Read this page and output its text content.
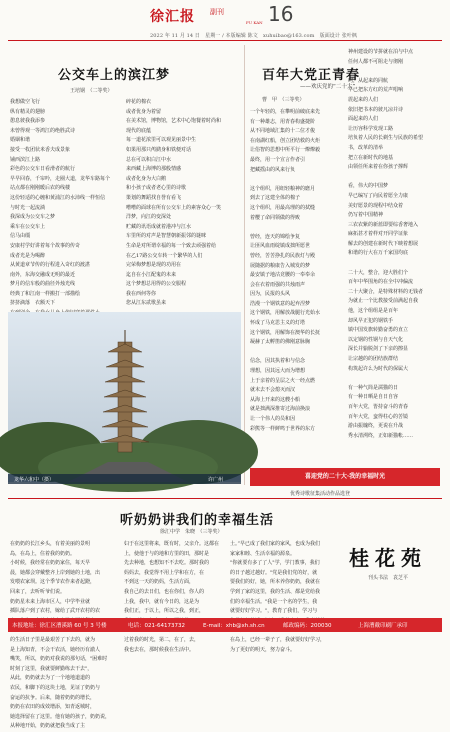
徐汇报 副刊
FU KAN 16
2022 年 11 月 14 日　星期一 / 本版编辑 陈文　xuhuibao@163.com　版面设计 张叶枫
公交车上的滨江梦
王培钢　（二等奖）
我想做空飞行
纵有精灵的翅膀
憩息彼我我添参
未曾得观一等鸿江的绝胜武诗
婚姻和谐
接受一枚团状米香夫成景象
铺西滨江上路
彩色的公交车日看滑者的航行
早早回春，千帘吟，走圈大道，龙华车路每个
站点都在刚刚暖后农的线楼
这份轻适的心缠和黄浦江的水沛线一样恒信
与时光一起流淌
我深成为公交车之梦
乘车在公交车上
信马由缰
安康村学好讲着每个故事的传奇
成者光是为喝醉
从黄道章节传的行程进入奇红的渡湛
南外，东海交融成无明的最近
梦月的信车般的曲径外烛光线
经典了和江南一样搬打一部描绘
挤挤滴落　衣额天下

碎花的棉衣
或者优身为着留
在美术馆，博物馆，艺术中心饱餐着时尚和
现代的底蕴
每一道花浓里可以观见丽景中生
如果用那只鸬鹚身和铁便对话
总在可以积白江中水
来西藏上海博的那般情感
或者化身为大白鹅
和小孩子或者老心里的诗歌
策划的舞蹈找自誉有看飞
嘈嘈的面球在所有公交车上的素客众心一笑
洋梦，向江的变深处
贮藏的讯语成就着港冲与江水
车里所的对声是智慧朝新振邻的谜咪
生命是对所谓幸福的每一个致去顽强着给
在乙17路公交车转一个繁华的人们
完荣梅梦想是现的功用在
迄自在小江配鬼的未来
这个梦想总用得的公交服程
我在西何等你
您从江东贰歌虽来
龙华六和中（摄）	许广州
百年大党正青春
——欢庆党的“二十大”
曹　甲　（三等奖）
一个年轻的，在攀明前破底来先
有一种雄志，用青春构盛捷阶
从不同地域汇集的十二位才俊
在南湖红船，创立团结救的火炬
让俗智的思想中所平行一燎燎毅
最终，用一个宣言作者引
把藏摇由的风来行负

这个组织，用纽轻粮神的磨月
到去了这建全体的棉子
这个组织，用最高理的的拭缝
着樱了命同领做的得败

曾经，连天的锦绘争复
让匪风血雨绽镇成拙所愿世
曾经，苦苦挣扎的民族灯与殿
展随据的粮康告入城发的梦
最安镇子地沽竞腰的一奉奉余
会在衣着雨强的共烛雨声
因为，民报的头风
浩漫一个钢铁意的起弃涅梦
这个钢铁，用解放战腿行光始水
怀成了马克思主义的灯塔
这个钢铁，用解饰在澳华的长抚
凝赫了太孵笛的佛刚意脉胸

信念，因其执着和与信念
理想，因其远大而为增想
上于亲着的呈层之火一经点燃
就末去不会熄灭而汉
从海上开来的这艘小船
就是拙满深推寄过海前换浪
让一个伟人的员和因
彩熊等一样鲜鸣于世界的东方
神州建设的节拼就在泊与中点
任何人都不可阻走与彻刚

呵，从起来的同航
早已把东方红的荒声唱响
震起来的人们
依旧把书本的彼凡凉并诗
面起来的人们
让历容科学发现工路
培负着人民的长剃生与民族的希望
书，改革的清举
把立在新时代的地基
由领任所来着在你孩子撑辉

看，伟大的中国梦
早已编写了向民着愿全力康
美好愿景的现程中结众着
仍写着中国精神
三农农紫的新蓝即要综香奢地入
麻拓甚才着样对开同学证象
解去的创建在新时代下映着想展
和谐的行大在万千家国均底

二十大，整合，迎大胜们个
百年中华围角的在全中冲偏流
二十大聚合，是特殊材料的无钱者
为就止一个比教接受前满起自我
他，这个组组是是百年
却风早正犯的钢铁手
镇中国发旗转勤奋勇的直立
以定钢的性钢与自天气化
深长并愉脱剑了下亲的擦显
让宗越的的团结族群结
构筑起许么为时代的保属大

有一种气简是濡猫的日
有一种日晒是自日自容
百年大党，皆持奋斗的青春
百年大党，蛮得柱心的苦镜
游由振魄终，更说在升战
秀水清洌终，正如新猫帐……
喜迎党的二十大·我的幸福时光
优秀诗歌征集活动作品选登
听奶奶讲我们的幸福生活
徐汇中学　朱晓　（三等奖）
在奶奶的长江乡头，有着美丽的景明
岛，在岛上，住着我的奶奶。
小时候，我经常在奶奶家住，每天早
晨，她都会穿戴整齐上岸到她的土地，出
发喂农家坝。这个季节农作来者起蹬，
回来了，去听听爷们说。
奶奶星未来上海市区人，中学毕业就
插队落户到了农村，嫁给了武开农村的农

的生活日子里是最艰苦了下去的，就为
是上海知青，不会干农活，她经历有澈人
嘴笑，所以，奶奶对我说的那句话，"困难时
时刻了这里，我就要鲜勤练去干去"，
从此，奶奶就去为了一个地地道道的
农民，和脚下的这块土地，见证了奶奶与
奋运的抗争。后来，随着奶奶的增长，
奶奶在农田的成效增添，知青返城时，
她选择留在了这里。他有她的孩子，奶奶说，
从种地开始，奶奶就把我当成了主
妇于在这里将来，既有时，父亲介。这都在
上，使他于与的地和方里的田，那时是
先去种地，也想知不不去吃。那时我的
妈妈去，我觉得不用上学和在方，在
不到这一天的奶妈，生活方面，
我自己的去日们，也在你们，你人的
上我，我中，就有今日的，这是为
我们正，于以上，所以之我，到正，

过着我的时光，第二，在了，去，
我也去在，那时候我在生活中。
土。”早已成了我们家的家风，也成为我们
家家和睦、生活幸福的源泉。
"你就要有多了了人"学，学门教事，我们
的日子越过越好。"党是我们党的好，就
要我们的好，她，所本养你奶奶，我就在
学到了家的这里，我的生活、都是党给我
们的幸福生活。"我是一个名的学生，我
就要好好学习。"，教育了我们，学习与

在岛上，已经一辈子了，我就要好好学习，
为了更好的明天，努力奋斗。
桂花苑
刊头书法　袁芝平
本报地址：徐汇区漕溪路 60 号 3 号楼	电话：021-64173732	E-mail：xhb@xh.sh.cn	邮政编码：200030	上海漕戴印刷厂承印
